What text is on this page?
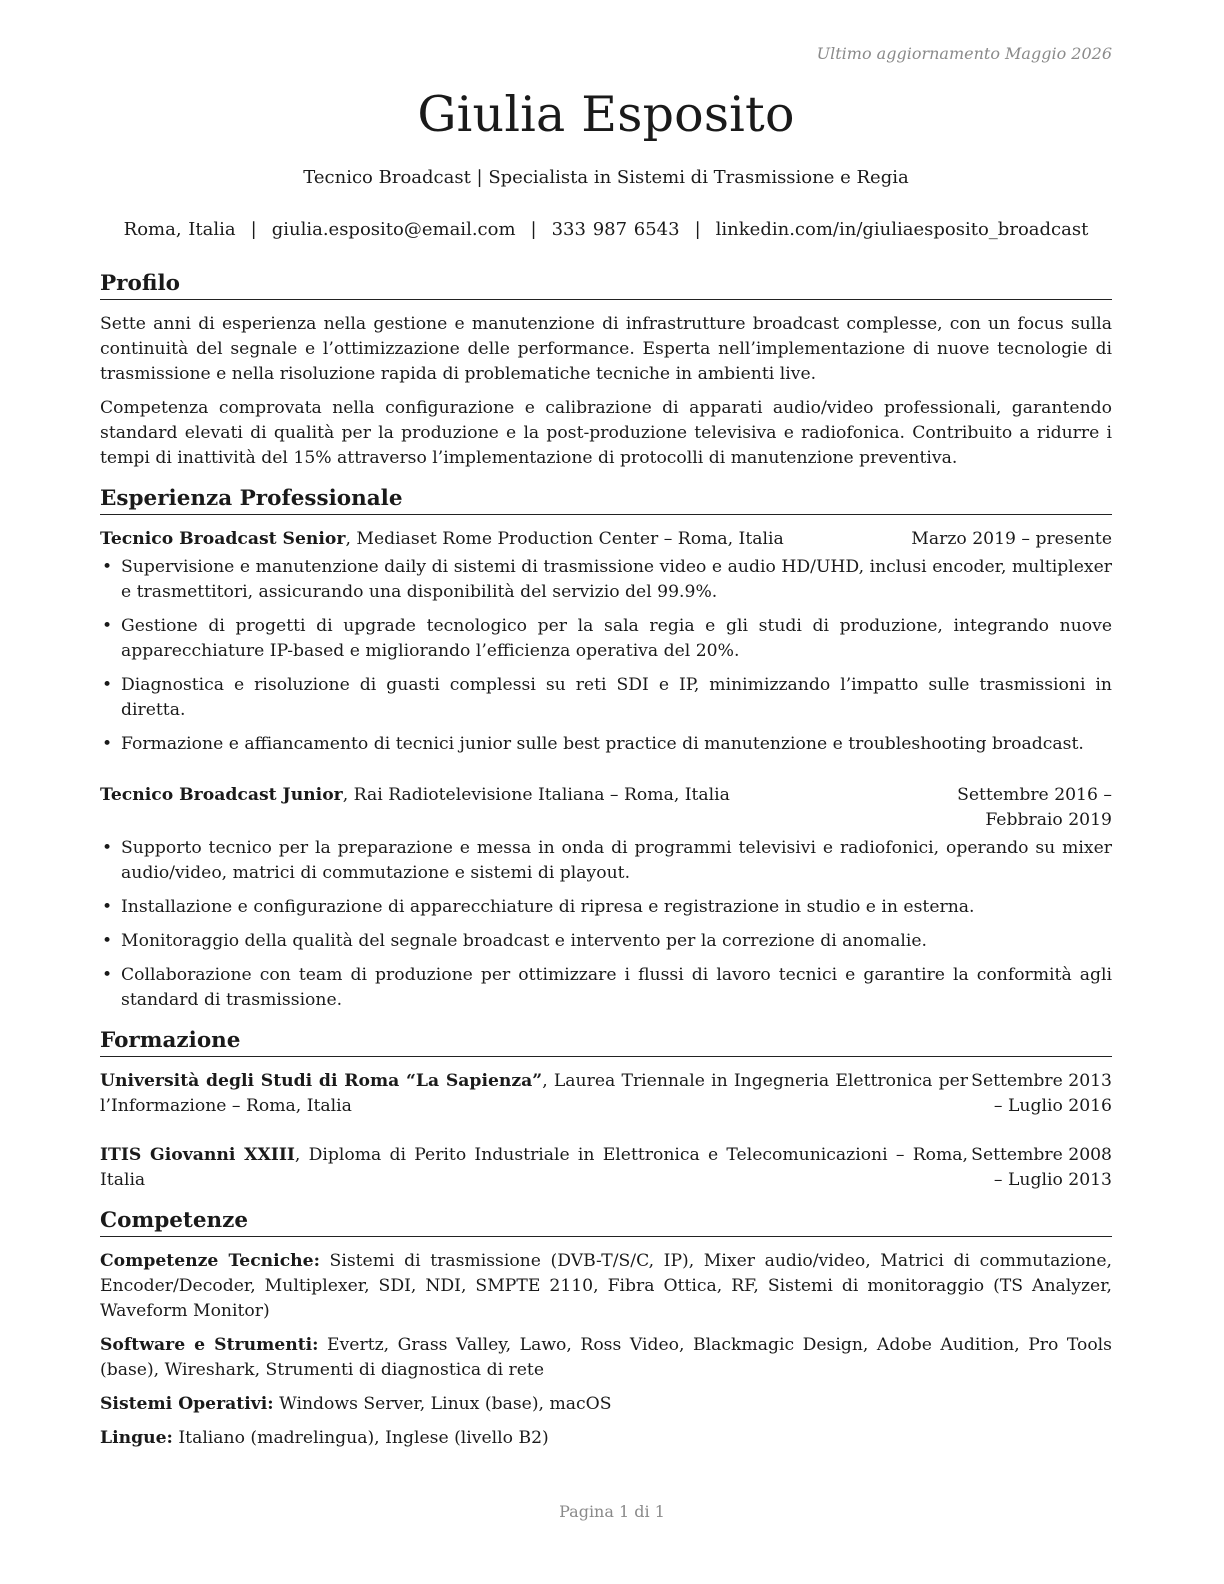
Ultimo aggiornamento Maggio 2026
Giulia Esposito
Tecnico Broadcast | Specialista in Sistemi di Trasmissione e Regia
Roma, Italia | giulia.esposito@email.com | 333 987 6543 | linkedin.com/in/giuliaesposito_broadcast
Profilo

Sette anni di esperienza nella gestione e manutenzione di infrastrutture broadcast complesse, con un focus sulla continuità del segnale e l’ottimizzazione delle performance. Esperta nell’implementazione di nuove tecnologie di trasmissione e nella risoluzione rapida di problematiche tecniche in ambienti live.

Competenza comprovata nella configurazione e calibrazione di apparati audio/video professionali, garantendo standard elevati di qualità per la produzione e la post-produzione televisiva e radiofonica. Contribuito a ridurre i tempi di inattività del 15% attraverso l’implementazione di protocolli di manutenzione preventiva.

Esperienza Professionale
Tecnico Broadcast Senior, Mediaset Rome Production Center – Roma, Italia	Marzo 2019 – presente
• Supervisione e manutenzione daily di sistemi di trasmissione video e audio HD/UHD, inclusi encoder, multiplexer e trasmettitori, assicurando una disponibilità del servizio del 99.9%.
• Gestione di progetti di upgrade tecnologico per la sala regia e gli studi di produzione, integrando nuove apparecchiature IP-based e migliorando l’efficienza operativa del 20%.
• Diagnostica e risoluzione di guasti complessi su reti SDI e IP, minimizzando l’impatto sulle trasmissioni in diretta.
• Formazione e affiancamento di tecnici junior sulle best practice di manutenzione e troubleshooting broadcast.
Tecnico Broadcast Junior, Rai Radiotelevisione Italiana – Roma, Italia	Settembre 2016 – Febbraio 2019
• Supporto tecnico per la preparazione e messa in onda di programmi televisivi e radiofonici, operando su mixer audio/video, matrici di commutazione e sistemi di playout.
• Installazione e configurazione di apparecchiature di ripresa e registrazione in studio e in esterna.
• Monitoraggio della qualità del segnale broadcast e intervento per la correzione di anomalie.
• Collaborazione con team di produzione per ottimizzare i flussi di lavoro tecnici e garantire la conformità agli standard di trasmissione.
Formazione
Università degli Studi di Roma “La Sapienza”, Laurea Triennale in Ingegneria Elettronica per l’Informazione – Roma, Italia
Settembre 2013 – Luglio 2016
ITIS Giovanni XXIII, Diploma di Perito Industriale in Elettronica e Telecomunicazioni – Roma, Italia
Settembre 2008 – Luglio 2013
Competenze

Competenze Tecniche: Sistemi di trasmissione (DVB-T/S/C, IP), Mixer audio/video, Matrici di commutazione, Encoder/Decoder, Multiplexer, SDI, NDI, SMPTE 2110, Fibra Ottica, RF, Sistemi di monitoraggio (TS Analyzer, Waveform Monitor)

Software e Strumenti: Evertz, Grass Valley, Lawo, Ross Video, Blackmagic Design, Adobe Audition, Pro Tools (base), Wireshark, Strumenti di diagnostica di rete

Sistemi Operativi: Windows Server, Linux (base), macOS

Lingue: Italiano (madrelingua), Inglese (livello B2)

Pagina 1 di 1
